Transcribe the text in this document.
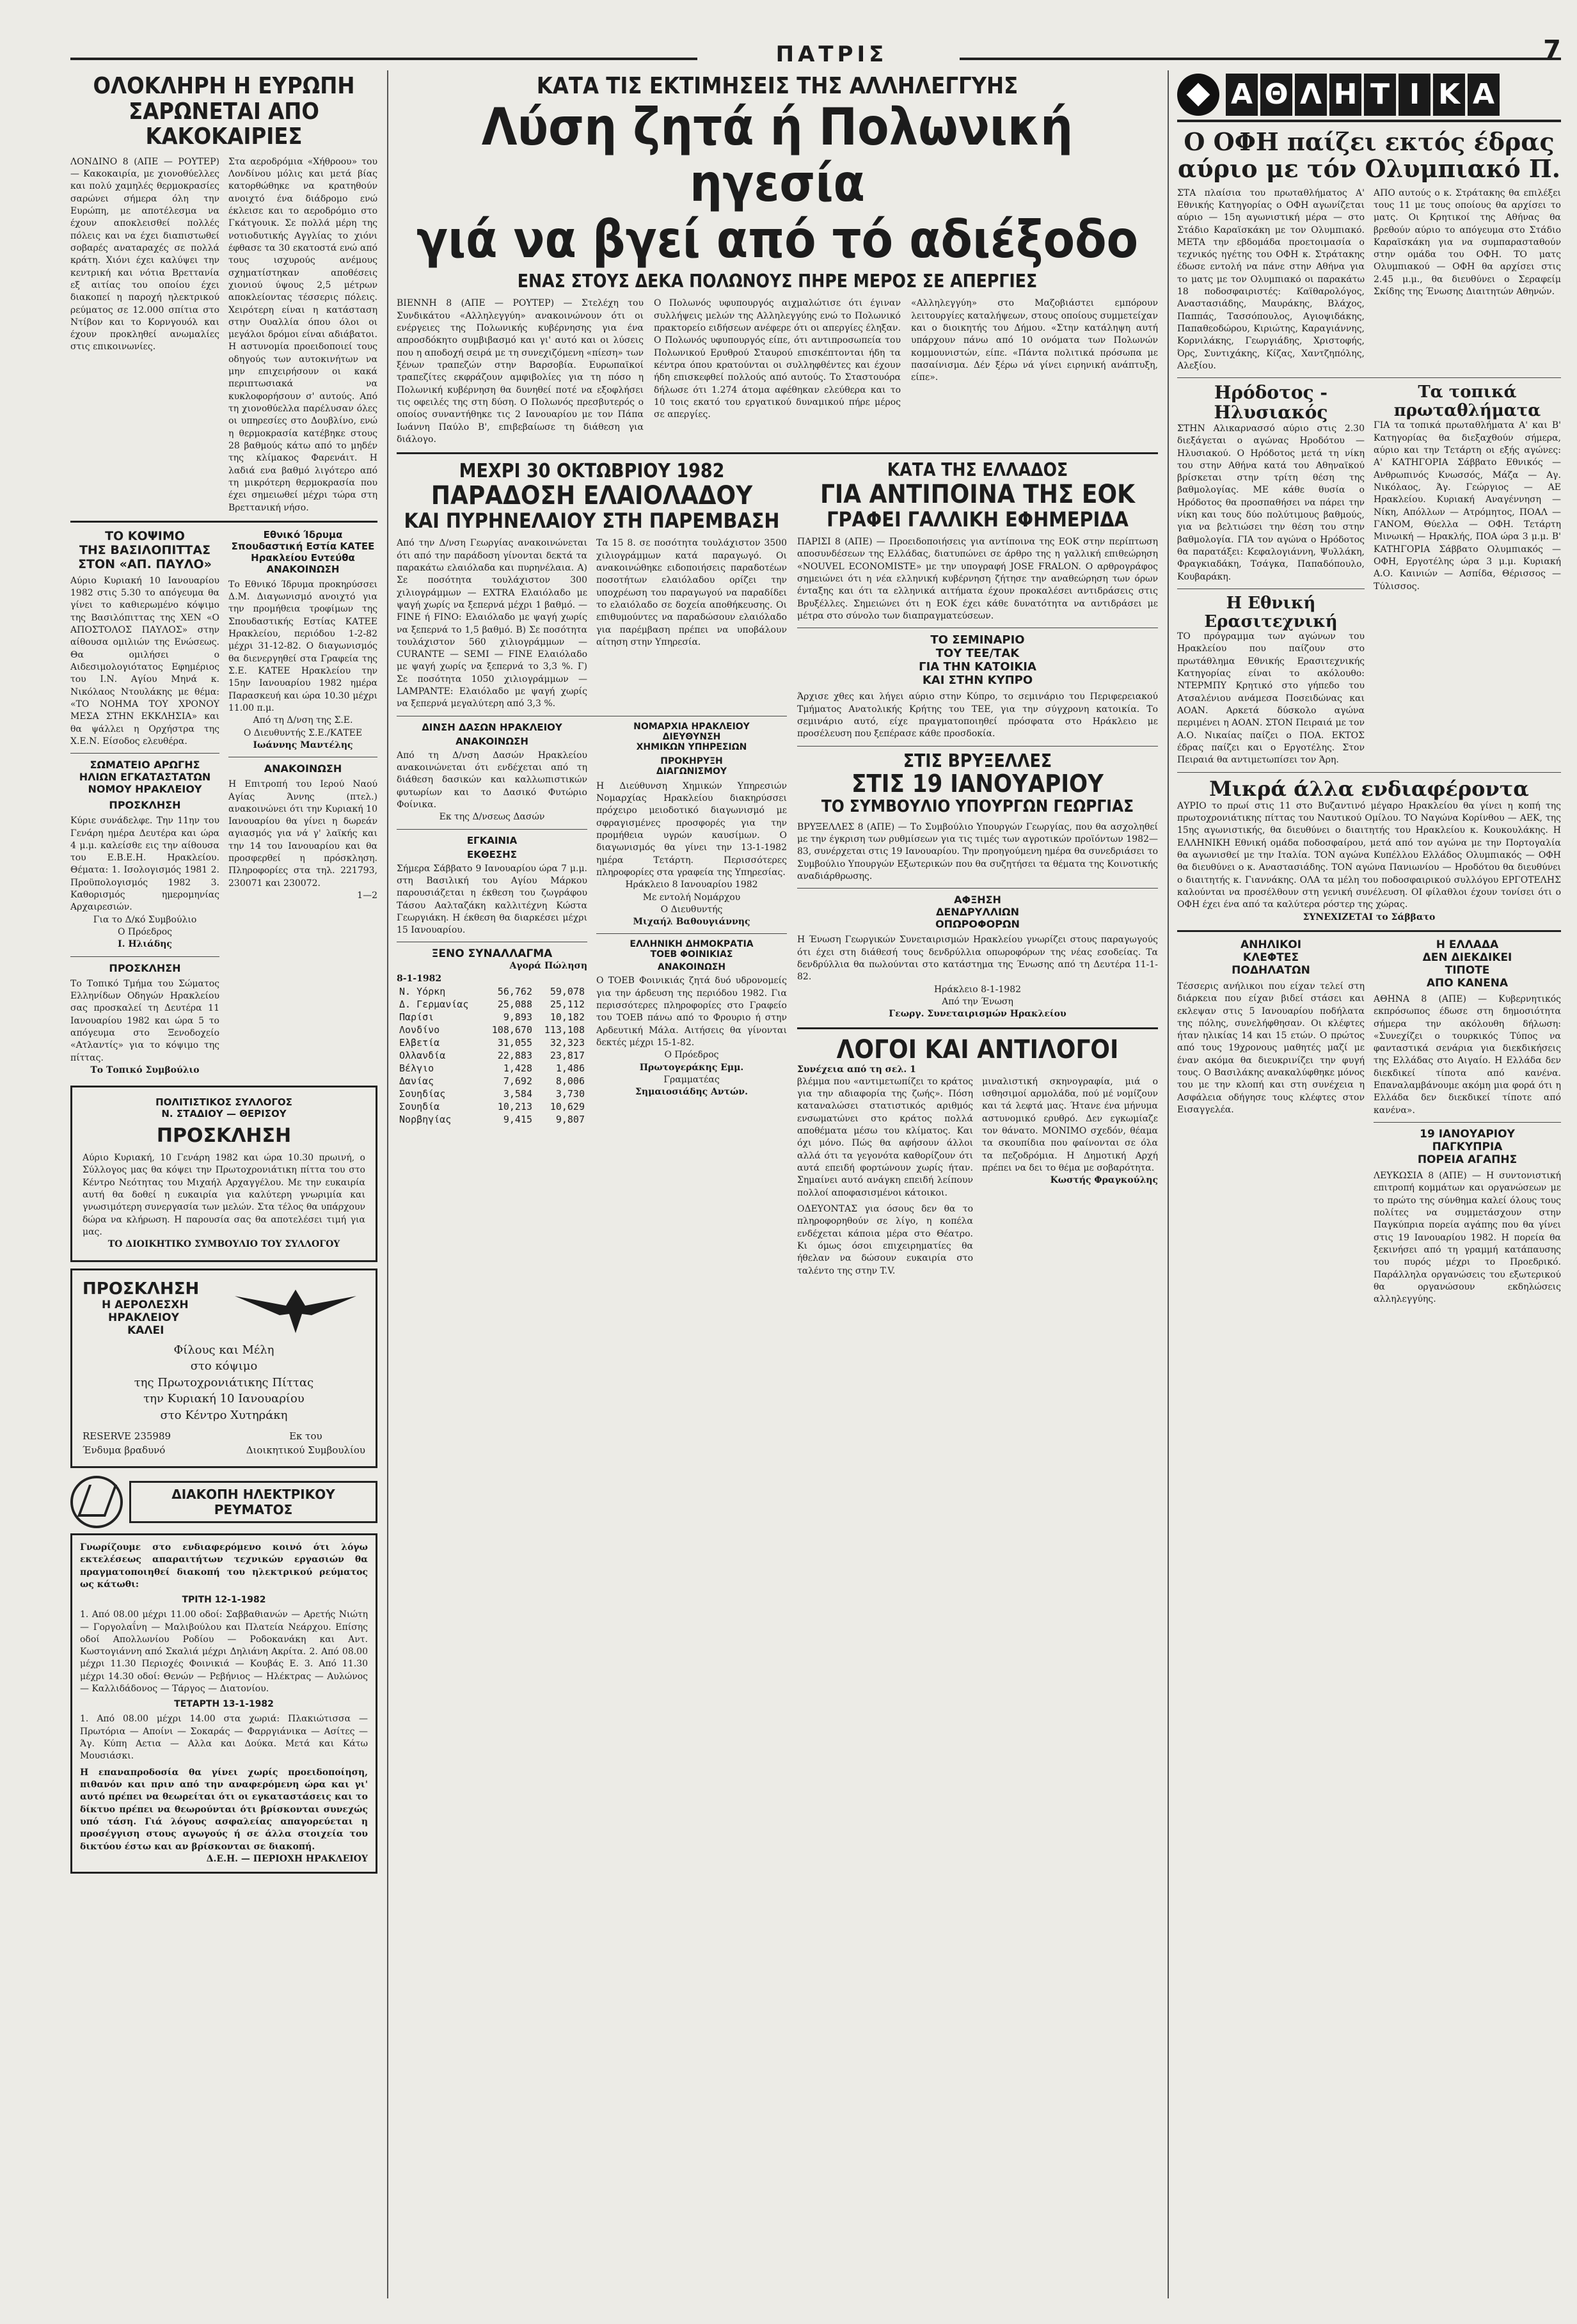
ΠΑΤΡΙΣ	7

ΟΛΟΚΛΗΡΗ Η ΕΥΡΩΠΗ

ΣΑΡΩΝΕΤΑΙ ΑΠΟ ΚΑΚΟΚΑΙΡΙΕΣ

ΛΟΝΔΙΝΟ 8 (ΑΠΕ — ΡΟΥΤΕΡ) — Κακοκαιρία, με χιονοθύελλες και πολύ χαμηλές θερμοκρασίες σαρώνει σήμερα όλη την Ευρώπη, με αποτέλεσμα να έχουν αποκλεισθεί πολλές πόλεις και να έχει διαπιστωθεί σοβαρές αναταραχές σε πολλά κράτη. Χιόνι έχει καλύψει την κεντρική και νότια Βρεττανία εξ αιτίας του οποίου έχει διακοπεί η παροχή ηλεκτρικού ρεύματος σε 12.000 σπίτια στο Ντίβον και το Κορνγουόλ και έχουν προκληθεί ανωμαλίες στις επικοινωνίες.

Στα αεροδρόμια «Χήθροου» του Λονδίνου μόλις και μετά βίας κατορθώθηκε να κρατηθούν ανοιχτό ένα διάδρομο ενώ έκλεισε και το αεροδρόμιο στο Γκάτγουικ. Σε πολλά μέρη της νοτιοδυτικής Αγγλίας το χιόνι έφθασε τα 30 εκατοστά ενώ από τους ισχυρούς ανέμους σχηματίστηκαν αποθέσεις χιονιού ύψους 2,5 μέτρων αποκλείοντας τέσσερις πόλεις. Χειρότερη είναι η κατάσταση στην Ουαλλία όπου όλοι οι μεγάλοι δρόμοι είναι αδιάβατοι. Η αστυνομία προειδοποιεί τους οδηγούς των αυτοκινήτων να μην επιχειρήσουν οι κακά περιπτωσιακά να κυκλοφορήσουν σ' αυτούς. Από τη χιονοθύελλα παρέλυσαν όλες οι υπηρεσίες στο Δουβλίνο, ενώ η θερμοκρασία κατέβηκε στους 28 βαθμούς κάτω από το μηδέν της κλίμακος Φαρενάιτ. Η λαδιά ενα βαθμό λιγότερο από τη μικρότερη θερμοκρασία που έχει σημειωθεί μέχρι τώρα στη Βρεττανική νήσο.

ΤΟ ΚΟΨΙΜΟ

ΤΗΣ ΒΑΣΙΛΟΠΙΤΤΑΣ

ΣΤΟΝ «ΑΠ. ΠΑΥΛΟ»

Αύριο Κυριακή 10 Ιανουαρίου 1982 στις 5.30 το απόγευμα θα γίνει το καθιερωμένο κόψιμο της Βασιλόπιττας της ΧΕΝ «Ο ΑΠΟΣΤΟΛΟΣ ΠΑΥΛΟΣ» στην αίθουσα ομιλιών της Ενώσεως. Θα ομιλήσει ο Αιδεσιμολογιότατος Εφημέριος του Ι.Ν. Αγίου Μηνά κ. Νικόλαος Ντουλάκης με θέμα: «ΤΟ ΝΟΗΜΑ ΤΟΥ ΧΡΟΝΟΥ ΜΕΣΑ ΣΤΗΝ ΕΚΚΛΗΣΙΑ» και θα ψάλλει η Ορχήστρα της Χ.Ε.Ν. Είσοδος ελευθέρα.

ΣΩΜΑΤΕΙΟ ΑΡΩΓΗΣ

ΗΛΙΩΝ ΕΓΚΑΤΑΣΤΑΤΩΝ

ΝΟΜΟΥ ΗΡΑΚΛΕΙΟΥ

ΠΡΟΣΚΛΗΣΗ

Κύριε συνάδελφε. Την 11ην του Γενάρη ημέρα Δευτέρα και ώρα 4 μ.μ. καλείσθε εις την αίθουσα του Ε.Β.Ε.Η. Ηρακλείου. Θέματα: 1. Ισολογισμός 1981 2. Προϋπολογισμός 1982 3. Καθορισμός ημερομηνίας Αρχαιρεσιών.

Για το Δ/κό Συμβούλιο

Ο Πρόεδρος

Ι. Ηλιάδης

ΠΡΟΣΚΛΗΣΗ

Το Τοπικό Τμήμα του Σώματος Ελληνίδων Οδηγών Ηρακλείου σας προσκαλεί τη Δευτέρα 11 Ιανουαρίου 1982 και ώρα 5 το απόγευμα στο Ξενοδοχείο «Ατλαντίς» για το κόψιμο της πίττας.

Το Τοπικό Συμβούλιο

Εθνικό Ίδρυμα

Σπουδαστική Εστία ΚΑΤΕΕ

Ηρακλείου Εντεύθα

ΑΝΑΚΟΙΝΩΣΗ

Το Εθνικό Ίδρυμα προκηρύσσει Δ.Μ. Διαγωνισμό ανοιχτό για την προμήθεια τροφίμων της Σπουδαστικής Εστίας ΚΑΤΕΕ Ηρακλείου, περιόδου 1-2-82 μέχρι 31-12-82. Ο διαγωνισμός θα διενεργηθεί στα Γραφεία της Σ.Ε. ΚΑΤΕΕ Ηρακλείου την 15ην Ιανουαρίου 1982 ημέρα Παρασκευή και ώρα 10.30 μέχρι 11.00 π.μ.

Από τη Δ/νση της Σ.Ε.

Ο Διευθυντής Σ.Ε./ΚΑΤΕΕ

Ιωάννης Μαντέλης

ΑΝΑΚΟΙΝΩΣΗ

Η Επιτροπή του Ιερού Ναού Αγίας Άννης (πτελ.) ανακοινώνει ότι την Κυριακή 10 Ιανουαρίου θα γίνει η δωρεάν αγιασμός για νά γ' λαϊκής και την 14 του Ιανουαρίου και θα προσφερθεί η πρόσκληση. Πληροφορίες στα τηλ. 221793, 230071 και 230072.

1—2

ΠΟΛΙΤΙΣΤΙΚΟΣ ΣΥΛΛΟΓΟΣ

Ν. ΣΤΑΔΙΟΥ — ΘΕΡΙΣΟΥ

ΠΡΟΣΚΛΗΣΗ

Αύριο Κυριακή, 10 Γενάρη 1982 και ώρα 10.30 πρωινή, ο Σύλλογος μας θα κόψει την Πρωτοχρονιάτικη πίττα του στο Κέντρο Νεότητας του Μιχαήλ Αρχαγγέλου. Με την ευκαιρία αυτή θα δοθεί η ευκαιρία για καλύτερη γνωριμία και γνωσιμότερη συνεργασία των μελών. Στα τέλος θα υπάρχουν δώρα να κλήρωση. Η παρουσία σας θα αποτελέσει τιμή για μας.

ΤΟ ΔΙΟΙΚΗΤΙΚΟ ΣΥΜΒΟΥΛΙΟ ΤΟΥ ΣΥΛΛΟΓΟΥ

ΠΡΟΣΚΛΗΣΗ

Η ΑΕΡΟΛΕΣΧΗ

ΗΡΑΚΛΕΙΟΥ

ΚΑΛΕΙ

Φίλους και Μέλη

στο κόψιμο

της Πρωτοχρονιάτικης Πίττας

την Κυριακή 10 Ιανουαρίου

στο Κέντρο Χυτηράκη

RESERVE 235989

Ένδυμα βραδυνό

Εκ του

Διοικητικού Συμβουλίου

ΔΙΑΚΟΠΗ ΗΛΕΚΤΡΙΚΟΥ ΡΕΥΜΑΤΟΣ

Γνωρίζουμε στο ενδιαφερόμενο κοινό ότι λόγω εκτελέσεως απαραιτήτων τεχνικών εργασιών θα πραγματοποιηθεί διακοπή του ηλεκτρικού ρεύματος ως κάτωθι:

ΤΡΙΤΗ 12-1-1982

1. Από 08.00 μέχρι 11.00 οδοί: Σαββαθιανών — Αρετής Νιώτη — Γοργολαΐνη — Μαλιβούλου και Πλατεία Νεάρχου. Επίσης οδοί Απολλωνίου Ροδίου — Ροδοκανάκη και Αντ. Κωστογιάννη από Σκαλιά μέχρι Δηλιάνη Ακρίτα. 2. Από 08.00 μέχρι 11.30 Περιοχές Φοινικιά — Κουβάς Ε. 3. Από 11.30 μέχρι 14.30 οδοί: Θενών — Ρεβήνιος — Ηλέκτρας — Αυλώνος — Καλλιδάδονος — Τάργος — Διατονίου.

ΤΕΤΑΡΤΗ 13-1-1982

1. Από 08.00 μέχρι 14.00 στα χωριά: Πλακιώτισσα — Πρωτόρια — Αποίνι — Σοκαράς — Φαρργιάνικα — Ασίτες — Άγ. Κύπη Αετια — Αλλα και Δούκα. Μετά και Κάτω Μουσιάσκι.

Η επαναπροδοσία θα γίνει χωρίς προειδοποίηση, πιθανόν και πριν από την αναφερόμενη ώρα και γι' αυτό πρέπει να θεωρείται ότι οι εγκαταστάσεις και το δίκτυο πρέπει να θεωρούνται ότι βρίσκονται συνεχώς υπό τάση. Γιά λόγους ασφαλείας απαγορεύεται η προσέγγιση στους αγωγούς ή σε άλλα στοιχεία του δικτύου έστω και αν βρίσκονται σε διακοπή.

Δ.Ε.Η. — ΠΕΡΙΟΧΗ ΗΡΑΚΛΕΙΟΥ

ΚΑΤΑ ΤΙΣ ΕΚΤΙΜΗΣΕΙΣ ΤΗΣ ΑΛΛΗΛΕΓΓΥΗΣ

Λύση ζητά ή Πολωνική ηγεσία

γιά να βγεί από τό αδιέξοδο

ΕΝΑΣ ΣΤΟΥΣ ΔΕΚΑ ΠΟΛΩΝΟΥΣ ΠΗΡΕ ΜΕΡΟΣ ΣΕ ΑΠΕΡΓΙΕΣ

ΒΙΕΝΝΗ 8 (ΑΠΕ — ΡΟΥΤΕΡ) — Στελέχη του Συνδικάτου «Αλληλεγγύη» ανακοινώνουν ότι οι ενέργειες της Πολωνικής κυβέρνησης για ένα απροσδόκητο συμβιβασμό και γι' αυτό και οι λύσεις που η αποδοχή σειρά με τη συνεχιζόμενη «πίεση» των ξένων τραπεζών στην Βαρσοβία. Ευρωπαϊκοί τραπεζίτες εκφράζουν αμφιβολίες για τη πόσο η Πολωνική κυβέρνηση θα δυνηθεί ποτέ να εξοφλήσει τις οφειλές της στη δύση. Ο Πολωνός πρεσβυτερός ο οποίος συναντήθηκε τις 2 Ιανουαρίου με τον Πάπα Ιωάννη Παύλο Β', επιβεβαίωσε τη διάθεση για διάλογο.

Ο Πολωνός υφυπουργός αιχμαλώτισε ότι έγιναν συλλήψεις μελών της Αλληλεγγύης ενώ το Πολωνικό πρακτορείο ειδήσεων ανέφερε ότι οι απεργίες έληξαν. Ο Πολωνός υφυπουργός είπε, ότι αντιπροσωπεία του Πολωνικού Ερυθρού Σταυρού επισκέπτονται ήδη τα κέντρα όπου κρατούνται οι συλληφθέντες και έχουν ήδη επισκεφθεί πολλούς από αυτούς. Το Σταστουόρα δήλωσε ότι 1.274 άτομα αφέθηκαν ελεύθερα και το 10 τοις εκατό του εργατικού δυναμικού πήρε μέρος σε απεργίες.

«Αλληλεγγύη» στο Μαζοβιάστει εμπόρουν λειτουργίες καταλήψεων, στους οποίους συμμετείχαν και ο διοικητής του Δήμου. «Στην κατάληψη αυτή υπάρχουν πάνω από 10 ονόματα των Πολωνών κομμουνιστών, είπε. «Πάντα πολιτικά πρόσωπα με πασαίνισμα. Δέν ξέρω νά γίνει ειρηνική ανάπτυξη, είπε».

ΜΕΧΡΙ 30 ΟΚΤΩΒΡΙΟΥ 1982

ΠΑΡΑΔΟΣΗ ΕΛΑΙΟΛΑΔΟΥ

ΚΑΙ ΠΥΡΗΝΕΛΑΙΟΥ ΣΤΗ ΠΑΡΕΜΒΑΣΗ

Από την Δ/νση Γεωργίας ανακοινώνεται ότι από την παράδοση γίνονται δεκτά τα παρακάτω ελαιόλαδα και πυρηνέλαια. Α) Σε ποσότητα τουλάχιστον 300 χιλιογράμμων — EXTRA Ελαιόλαδο με ψαγή χωρίς να ξεπερνά μέχρι 1 βαθμό. — FINE ή FINO: Ελαιόλαδο με ψαγή χωρίς να ξεπερνά το 1,5 βαθμό. Β) Σε ποσότητα τουλάχιστον 560 χιλιογράμμων — CURANTE — SEMI — FINE Ελαιόλαδο με ψαγή χωρίς να ξεπερνά το 3,3 %. Γ) Σε ποσότητα 1050 χιλιογράμμων — LAMPANTE: Ελαιόλαδο με ψαγή χωρίς να ξεπερνά μεγαλύτερη από 3,3 %.

Τα 15 8. σε ποσότητα τουλάχιστον 3500 χιλιογράμμων κατά παραγωγό. Οι ανακοινώθηκε ειδοποιήσεις παραδοτέων ποσοτήτων ελαιόλαδου ορίζει την υποχρέωση του παραγωγού να παραδίδει το ελαιόλαδο σε δοχεία αποθήκευσης. Οι επιθυμούντες να παραδώσουν ελαιόλαδο για παρέμβαση πρέπει να υποβάλουν αίτηση στην Υπηρεσία.

ΔΙΝΣΗ ΔΑΣΩΝ ΗΡΑΚΛΕΙΟΥ

ΑΝΑΚΟΙΝΩΣΗ

Από τη Δ/νση Δασών Ηρακλείου ανακοινώνεται ότι ενδέχεται από τη διάθεση δασικών και καλλωπιστικών φυτωρίων και το Δασικό Φυτώριο Φοίνικα.

Εκ της Δ/νσεως Δασών

ΕΓΚΑΙΝΙΑ

ΕΚΘΕΣΗΣ

Σήμερα Σάββατο 9 Ιανουαρίου ώρα 7 μ.μ. στη Βασιλική του Αγίου Μάρκου παρουσιάζεται η έκθεση του ζωγράφου Τάσου Ααλταζάκη καλλιτέχνη Κώστα Γεωργιάκη. Η έκθεση θα διαρκέσει μέχρι 15 Ιανουαρίου.

ΞΕΝΟ ΣΥΝΑΛΛΑΓΜΑ

Αγορά Πώληση

8-1-1982

Ν. Υόρκη	56,762	59,078
Δ. Γερμανίας	25,088	25,112
Παρίσι	9,893	10,182
Λονδίνο	108,670	113,108
Ελβετία	31,055	32,323
Ολλανδία	22,883	23,817
Βέλγιο	1,428	1,486
Δανίας	7,692	8,006
Σουηδίας	3,584	3,730
Σουηδία	10,213	10,629
Νορβηγίας	9,415	9,807

ΝΟΜΑΡΧΙΑ ΗΡΑΚΛΕΙΟΥ

ΔΙΕΥΘΥΝΣΗ

ΧΗΜΙΚΩΝ ΥΠΗΡΕΣΙΩΝ

ΠΡΟΚΗΡΥΞΗ

ΔΙΑΓΩΝΙΣΜΟΥ

Η Διεύθυνση Χημικών Υπηρεσιών Νομαρχίας Ηρακλείου διακηρύσσει πρόχειρο μειοδοτικό διαγωνισμό με σφραγισμένες προσφορές για την προμήθεια υγρών καυσίμων. Ο διαγωνισμός θα γίνει την 13-1-1982 ημέρα Τετάρτη. Περισσότερες πληροφορίες στα γραφεία της Υπηρεσίας.

Ηράκλειο 8 Ιανουαρίου 1982

Με εντολή Νομάρχου

Ο Διευθυντής

Μιχαήλ Βαθουγιάννης

ΕΛΛΗΝΙΚΗ ΔΗΜΟΚΡΑΤΙΑ

ΤΟΕΒ ΦΟΙΝΙΚΙΑΣ

ΑΝΑΚΟΙΝΩΣΗ

Ο ΤΟΕΒ Φοινικιάς ζητά δυό υδρονομείς για την άρδευση της περιόδου 1982. Για περισσότερες πληροφορίες στο Γραφείο του ΤΟΕΒ πάνω από το Φρουριο ή στην Αρδευτική Μάλα. Αιτήσεις θα γίνονται δεκτές μέχρι 15-1-82.

Ο Πρόεδρος

Πρωτογεράκης Εμμ.

Γραμματέας

Σημαιοσιάδης Αντών.

ΚΑΤΑ ΤΗΣ ΕΛΛΑΔΟΣ

ΓΙΑ ΑΝΤΙΠΟΙΝΑ ΤΗΣ ΕΟΚ

ΓΡΑΦΕΙ ΓΑΛΛΙΚΗ ΕΦΗΜΕΡΙΔΑ

ΠΑΡΙΣΙ 8 (ΑΠΕ) — Προειδοποιήσεις για αντίποινα της ΕΟΚ στην περίπτωση αποσυνδέσεων της Ελλάδας, διατυπώνει σε άρθρο της η γαλλική επιθεώρηση «NOUVEL ECONOMISTE» με την υπογραφή JOSE FRALON. Ο αρθρογράφος σημειώνει ότι η νέα ελληνική κυβέρνηση ζήτησε την αναθεώρηση των όρων ένταξης και ότι τα ελληνικά αιτήματα έχουν προκαλέσει αντιδράσεις στις Βρυξέλλες. Σημειώνει ότι η ΕΟΚ έχει κάθε δυνατότητα να αντιδράσει με μέτρα στο σύνολο των διαπραγματεύσεων.

ΤΟ ΣΕΜΙΝΑΡΙΟ

ΤΟΥ ΤΕΕ/ΤΑΚ

ΓΙΑ ΤΗΝ ΚΑΤΟΙΚΙΑ

ΚΑΙ ΣΤΗΝ ΚΥΠΡΟ

Άρχισε χθες και λήγει αύριο στην Κύπρο, το σεμινάριο του Περιφερειακού Τμήματος Ανατολικής Κρήτης του ΤΕΕ, για την σύγχρονη κατοικία. Το σεμινάριο αυτό, είχε πραγματοποιηθεί πρόσφατα στο Ηράκλειο με προσέλευση που ξεπέρασε κάθε προσδοκία.

ΣΤΙΣ ΒΡΥΞΕΛΛΕΣ

ΣΤΙΣ 19 ΙΑΝΟΥΑΡΙΟΥ

ΤΟ ΣΥΜΒΟΥΛΙΟ ΥΠΟΥΡΓΩΝ ΓΕΩΡΓΙΑΣ

ΒΡΥΞΕΛΛΕΣ 8 (ΑΠΕ) — Το Συμβούλιο Υπουργών Γεωργίας, που θα ασχοληθεί με την έγκριση των ρυθμίσεων για τις τιμές των αγροτικών προϊόντων 1982—83, συνέρχεται στις 19 Ιανουαρίου. Την προηγούμενη ημέρα θα συνεδριάσει το Συμβούλιο Υπουργών Εξωτερικών που θα συζητήσει τα θέματα της Κοινοτικής αναδιάρθρωσης.

ΑΦΞΗΣΗ

ΔΕΝΔΡΥΛΛΙΩΝ

ΟΠΩΡΟΦΟΡΩΝ

Η Ένωση Γεωργικών Συνεταιρισμών Ηρακλείου γνωρίζει στους παραγωγούς ότι έχει στη διάθεσή τους δενδρύλλια οπωροφόρων της νέας εσοδείας. Τα δενδρύλλια θα πωλούνται στο κατάστημα της Ένωσης από τη Δευτέρα 11-1-82.

Ηράκλειο 8-1-1982

Από την Ένωση

Γεωργ. Συνεταιρισμών Ηρακλείου

ΛΟΓΟΙ ΚΑΙ ΑΝΤΙΛΟΓΟΙ

Συνέχεια από τη σελ. 1

βλέμμα που «αντιμετωπίζει το κράτος για την αδιαφορία της ζωής». Πόση καταναλώσει στατιστικός αριθμός ενσωματώνει στο κράτος πολλά αποθέματα μέσω του κλίματος. Και όχι μόνο. Πώς θα αφήσουν άλλοι αλλά ότι τα γεγονότα καθορίζουν ότι αυτά επειδή φορτώνουν χωρίς ήταν. Σημαίνει αυτό ανάγκη επειδή λείπουν πολλοί αποφασισμένοι κάτοικοι.

ΟΔΕΥΟΝΤΑΣ για όσους δεν θα το πληροφορηθούν σε λίγο, η κοπέλα ενδέχεται κάποια μέρα στο Θέατρο. Κι όμως όσοι επιχειρηματίες θα ήθελαν να δώσουν ευκαιρία στο ταλέντο της στην T.V.

μιναλιστική σκηνογραφία, μιά ο ισθησιμοί αρμολάδα, πού μέ νομίζουν και τά λεφτά μας. Ήτανε ένα μήνυμα αστυνομικό ερυθρό. Δεν εγκωμίαζε τον θάνατο. ΜΟΝΙΜΟ σχεδόν, θέαμα τα σκουπίδια που φαίνονται σε όλα τα πεζοδρόμια. Η Δημοτική Αρχή πρέπει να δει το θέμα με σοβαρότητα.

Κωστής Φραγκούλης

Α Θ Λ Η Τ Ι Κ Α

Ο ΟΦΗ παίζει εκτός έδρας

αύριο με τόν Ολυμπιακό Π.

ΣΤΑ πλαίσια του πρωταθλήματος Α' Εθνικής Κατηγορίας ο ΟΦΗ αγωνίζεται αύριο — 15η αγωνιστική μέρα — στο Στάδιο Καραϊσκάκη με τον Ολυμπιακό. ΜΕΤΑ την εβδομάδα προετοιμασία ο τεχνικός ηγέτης του ΟΦΗ κ. Στράτακης έδωσε εντολή να πάνε στην Αθήνα για το ματς με τον Ολυμπιακό οι παρακάτω 18 ποδοσφαιριστές: Καϊθαρολόγος, Αναστασιάδης, Μαυράκης, Βλάχος, Παππάς, Τασσόπουλος, Αγιοψιδάκης, Παπαθεοδώρου, Κιριώτης, Καραγιάννης, Κορνιλάκης, Γεωργιάδης, Χριστοφής, Όρς, Συντιχάκης, Κίζας, Χαντζηπόλης, Αλεξίου.

ΑΠΟ αυτούς ο κ. Στράτακης θα επιλέξει τους 11 με τους οποίους θα αρχίσει το ματς. Οι Κρητικοί της Αθήνας θα βρεθούν αύριο το απόγευμα στο Στάδιο Καραϊσκάκη για να συμπαρασταθούν στην ομάδα του ΟΦΗ. ΤΟ ματς Ολυμπιακού — ΟΦΗ θα αρχίσει στις 2.45 μ.μ., θα διευθύνει ο Σεραφείμ Σκίδης της Ένωσης Διαιτητών Αθηνών.

Ηρόδοτος - Ηλυσιακός

ΣΤΗΝ Αλικαρνασσό αύριο στις 2.30 διεξάγεται ο αγώνας Ηροδότου — Ηλυσιακού. Ο Ηρόδοτος μετά τη νίκη του στην Αθήνα κατά του Αθηναϊκού βρίσκεται στην τρίτη θέση της βαθμολογίας. ΜΕ κάθε θυσία ο Ηρόδοτος θα προσπαθήσει να πάρει την νίκη και τους δύο πολύτιμους βαθμούς, για να βελτιώσει την θέση του στην βαθμολογία. ΓΙΑ τον αγώνα ο Ηρόδοτος θα παρατάξει: Κεφαλογιάννη, Ψυλλάκη, Φραγκιαδάκη, Τσάγκα, Παπαδόπουλο, Κουβαράκη.

Η Εθνική Ερασιτεχνική

ΤΟ πρόγραμμα των αγώνων του Ηρακλείου που παίζουν στο πρωτάθλημα Εθνικής Ερασιτεχνικής Κατηγορίας είναι το ακόλουθο: ΝΤΕΡΜΠΥ Κρητικό στο γήπεδο του Ατσαλένιου ανάμεσα Ποσειδώνας και ΑΟΑΝ. Αρκετά δύσκολο αγώνα περιμένει η ΑΟΑΝ. ΣΤΟΝ Πειραιά με τον Α.Ο. Νικαίας παίζει ο ΠΟΑ. ΕΚΤΟΣ έδρας παίζει και ο Εργοτέλης. Στον Πειραιά θα αντιμετωπίσει τον Άρη.

Τα τοπικά πρωταθλήματα

ΓΙΑ τα τοπικά πρωταθλήματα Α' και Β' Κατηγορίας θα διεξαχθούν σήμερα, αύριο και την Τετάρτη οι εξής αγώνες: Α' ΚΑΤΗΓΟΡΙΑ Σάββατο Εθνικός — Ανθρωπινός Κνωσσός, Μάζα — Αγ. Νικόλαος, Άγ. Γεώργιος — ΑΕ Ηρακλείου. Κυριακή Αναγέννηση — Νίκη, Απόλλων — Ατρόμητος, ΠΟΑΛ — ΓΑΝΟΜ, Θύελλα — ΟΦΗ. Τετάρτη Μινωική — Ηρακλής, ΠΟΑ ώρα 3 μ.μ. Β' ΚΑΤΗΓΟΡΙΑ Σάββατο Ολυμπιακός — ΟΦΗ, Εργοτέλης ώρα 3 μ.μ. Κυριακή Α.Ο. Καινιών — Ασπίδα, Θέρισσος — Τύλισσος.

Μικρά άλλα ενδιαφέροντα

ΑΥΡΙΟ το πρωί στις 11 στο Βυζαντινό μέγαρο Ηρακλείου θα γίνει η κοπή της πρωτοχρονιάτικης πίττας του Ναυτικού Ομίλου. ΤΟ Ναγώνα Κορίνθου — ΑΕΚ, της 15ης αγωνιστικής, θα διευθύνει ο διαιτητής του Ηρακλείου κ. Κουκουλάκης. Η ΕΛΛΗΝΙΚΗ Εθνική ομάδα ποδοσφαίρου, μετά από τον αγώνα με την Πορτογαλία θα αγωνισθεί με την Ιταλία. ΤΟΝ αγώνα Κυπέλλου Ελλάδος Ολυμπιακός — ΟΦΗ θα διευθύνει ο κ. Αναστασιάδης. ΤΟΝ αγώνα Πανιωνίου — Ηροδότου θα διευθύνει ο διαιτητής κ. Γιαννάκης. ΟΛΑ τα μέλη του ποδοσφαιρικού συλλόγου ΕΡΓΟΤΕΛΗΣ καλούνται να προσέλθουν στη γενική συνέλευση. ΟΙ φίλαθλοι έχουν τονίσει ότι ο ΟΦΗ έχει ένα από τα καλύτερα ρόστερ της χώρας.

ΣΥΝΕΧΙΖΕΤΑΙ το Σάββατο

ΑΝΗΛΙΚΟΙ

ΚΛΕΦΤΕΣ

ΠΟΔΗΛΑΤΩΝ

Τέσσερις ανήλικοι που είχαν τελεί στη διάρκεια που είχαν βιδεί στάσει και εκλεψαν στις 5 Ιανουαρίου ποδήλατα της πόλης, συνελήφθησαν. Οι κλέφτες ήταν ηλικίας 14 και 15 ετών. Ο πρώτος από τους 19χρονους μαθητές μαζί με έναν ακόμα θα διευκρινίζει την φυγή τους. Ο Βασιλάκης ανακαλύφθηκε μόνος του με την κλοπή και στη συνέχεια η Ασφάλεια οδήγησε τους κλέφτες στον Εισαγγελέα.

Η ΕΛΛΑΔΑ

ΔΕΝ ΔΙΕΚΔΙΚΕΙ

ΤΙΠΟΤΕ

ΑΠΟ ΚΑΝΕΝΑ

ΑΘΗΝΑ 8 (ΑΠΕ) — Κυβερνητικός εκπρόσωπος έδωσε στη δημοσιότητα σήμερα την ακόλουθη δήλωση: «Συνεχίζει ο τουρκικός Τύπος να φανταστικά σενάρια για διεκδικήσεις της Ελλάδας στο Αιγαίο. Η Ελλάδα δεν διεκδικεί τίποτα από κανένα. Επαναλαμβάνουμε ακόμη μια φορά ότι η Ελλάδα δεν διεκδικεί τίποτε από κανένα».

19 ΙΑΝΟΥΑΡΙΟΥ

ΠΑΓΚΥΠΡΙΑ

ΠΟΡΕΙΑ ΑΓΑΠΗΣ

ΛΕΥΚΩΣΙΑ 8 (ΑΠΕ) — Η συντονιστική επιτροπή κομμάτων και οργανώσεων με το πρώτο της σύνθημα καλεί όλους τους πολίτες να συμμετάσχουν στην Παγκύπρια πορεία αγάπης που θα γίνει στις 19 Ιανουαρίου 1982. Η πορεία θα ξεκινήσει από τη γραμμή κατάπαυσης του πυρός μέχρι το Προεδρικό. Παράλληλα οργανώσεις του εξωτερικού θα οργανώσουν εκδηλώσεις αλληλεγγύης.
